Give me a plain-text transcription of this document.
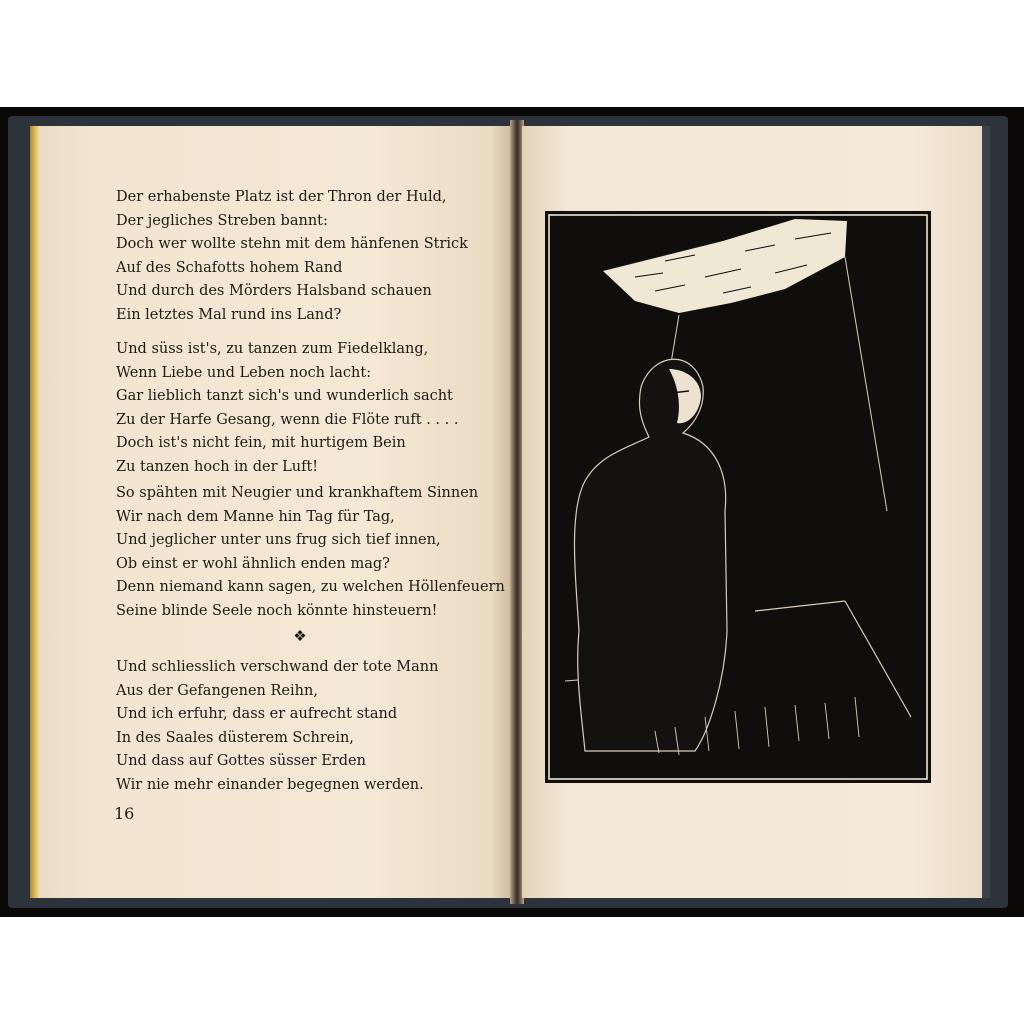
Der erhabenste Platz ist der Thron der Huld,
Der jegliches Streben bannt:
Doch wer wollte stehn mit dem hänfenen Strick
Auf des Schafotts hohem Rand
Und durch des Mörders Halsband schauen
Ein letztes Mal rund ins Land?
Und süss ist's, zu tanzen zum Fiedelklang,
Wenn Liebe und Leben noch lacht:
Gar lieblich tanzt sich's und wunderlich sacht
Zu der Harfe Gesang, wenn die Flöte ruft . . . .
Doch ist's nicht fein, mit hurtigem Bein
Zu tanzen hoch in der Luft!
So spähten mit Neugier und krankhaftem Sinnen
Wir nach dem Manne hin Tag für Tag,
Und jeglicher unter uns frug sich tief innen,
Ob einst er wohl ähnlich enden mag?
Denn niemand kann sagen, zu welchen Höllenfeuern
Seine blinde Seele noch könnte hinsteuern!
❖
Und schliesslich verschwand der tote Mann
Aus der Gefangenen Reihn,
Und ich erfuhr, dass er aufrecht stand
In des Saales düsterem Schrein,
Und dass auf Gottes süsser Erden
Wir nie mehr einander begegnen werden.
16
